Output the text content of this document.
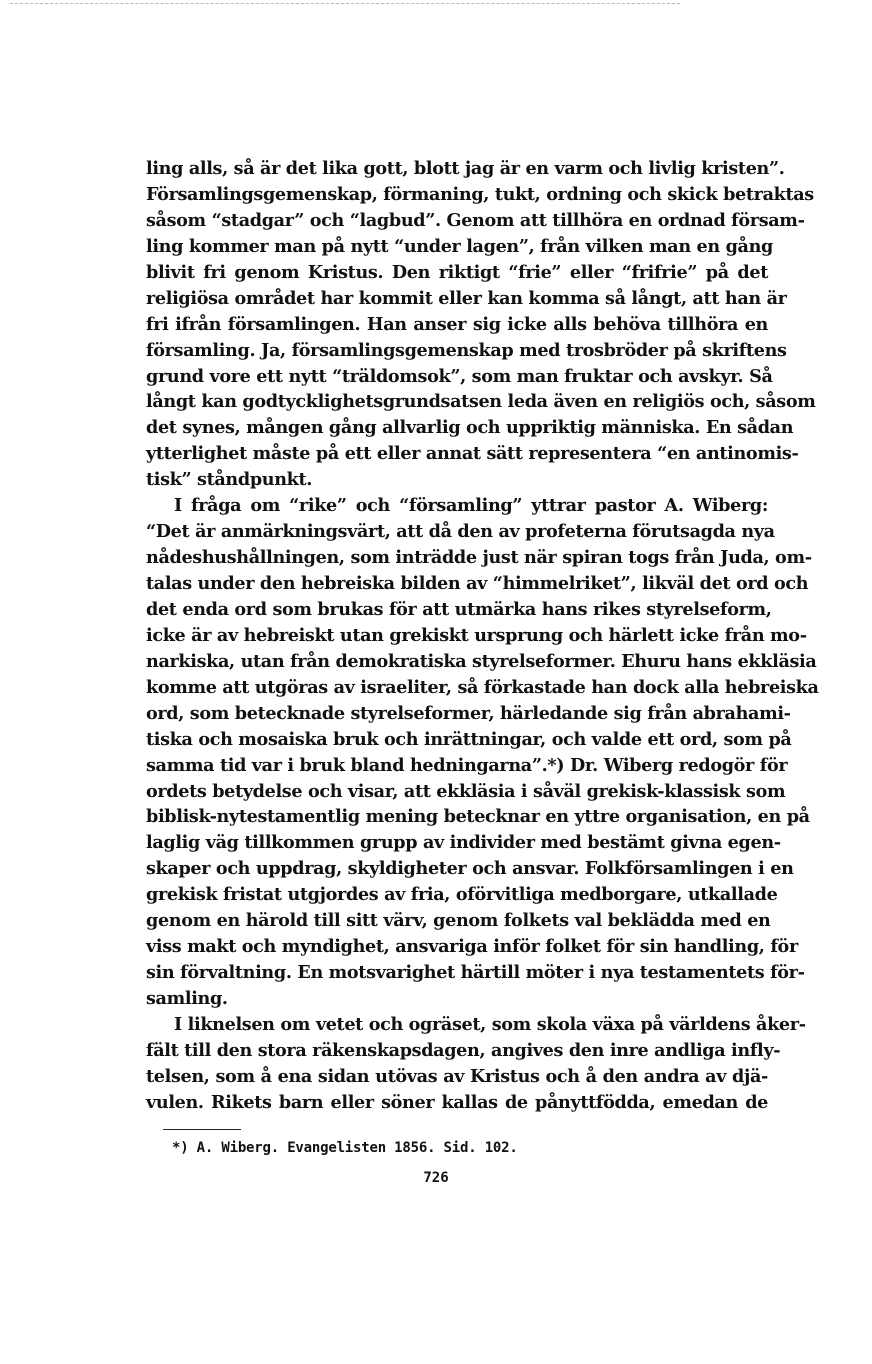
ling alls, så är det lika gott, blott jag är en varm och livlig kristen”.
Församlingsgemenskap, förmaning, tukt, ordning och skick betraktas
såsom “stadgar” och “lagbud”. Genom att tillhöra en ordnad försam-
ling kommer man på nytt “under lagen”, från vilken man en gång
blivit fri genom Kristus. Den riktigt “frie” eller “frifrie” på det
religiösa området har kommit eller kan komma så långt, att han är
fri ifrån församlingen. Han anser sig icke alls behöva tillhöra en
församling. Ja, församlingsgemenskap med trosbröder på skriftens
grund vore ett nytt “träldomsok”, som man fruktar och avskyr. Så
långt kan godtycklighetsgrundsatsen leda även en religiös och, såsom
det synes, mången gång allvarlig och uppriktig människa. En sådan
ytterlighet måste på ett eller annat sätt representera “en antinomis-
tisk” ståndpunkt.
I fråga om “rike” och “församling” yttrar pastor A. Wiberg:
“Det är anmärkningsvärt, att då den av profeterna förutsagda nya
nådeshushållningen, som inträdde just när spiran togs från Juda, om-
talas under den hebreiska bilden av “himmelriket”, likväl det ord och
det enda ord som brukas för att utmärka hans rikes styrelseform,
icke är av hebreiskt utan grekiskt ursprung och härlett icke från mo-
narkiska, utan från demokratiska styrelseformer. Ehuru hans ekkläsia
komme att utgöras av israeliter, så förkastade han dock alla hebreiska
ord, som betecknade styrelseformer, härledande sig från abrahami-
tiska och mosaiska bruk och inrättningar, och valde ett ord, som på
samma tid var i bruk bland hedningarna”.*) Dr. Wiberg redogör för
ordets betydelse och visar, att ekkläsia i såväl grekisk-klassisk som
biblisk-nytestamentlig mening betecknar en yttre organisation, en på
laglig väg tillkommen grupp av individer med bestämt givna egen-
skaper och uppdrag, skyldigheter och ansvar. Folkförsamlingen i en
grekisk fristat utgjordes av fria, oförvitliga medborgare, utkallade
genom en härold till sitt värv, genom folkets val beklädda med en
viss makt och myndighet, ansvariga inför folket för sin handling, för
sin förvaltning. En motsvarighet härtill möter i nya testamentets för-
samling.
I liknelsen om vetet och ogräset, som skola växa på världens åker-
fält till den stora räkenskapsdagen, angives den inre andliga infly-
telsen, som å ena sidan utövas av Kristus och å den andra av djä-
vulen. Rikets barn eller söner kallas de pånyttfödda, emedan de
*) A. Wiberg. Evangelisten 1856. Sid. 102.
726
